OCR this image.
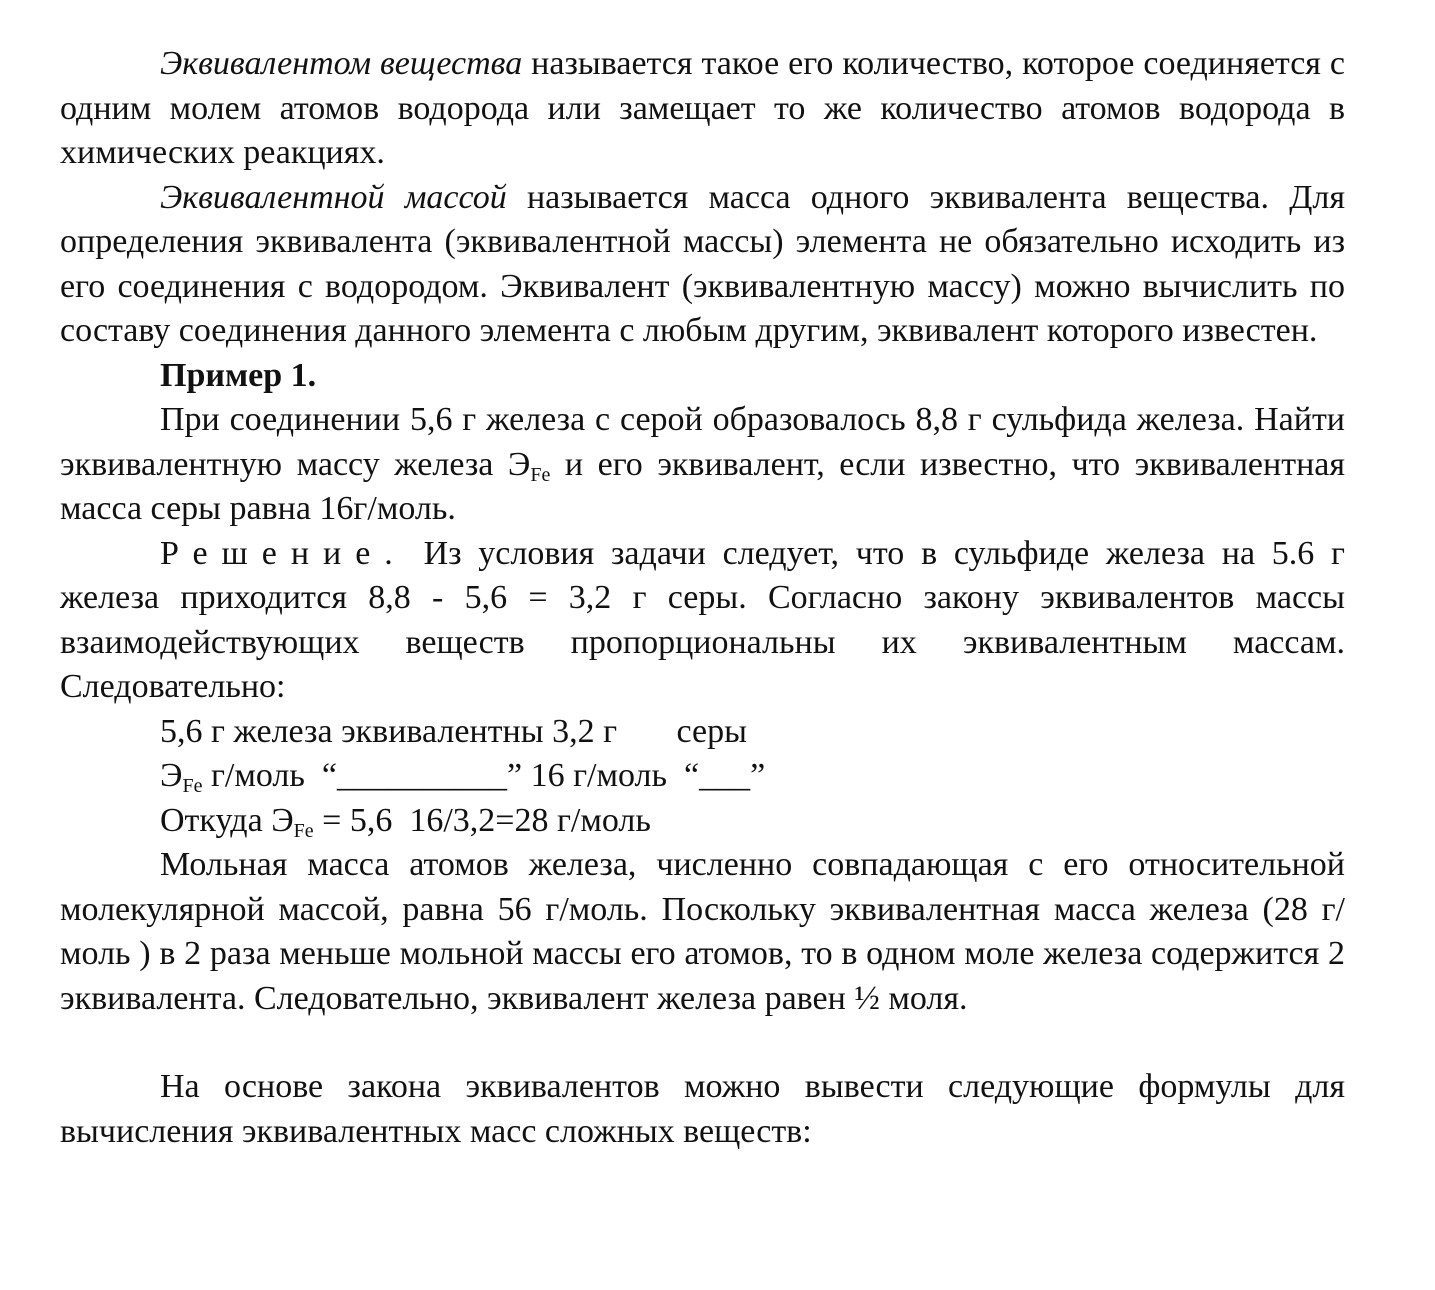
Эквивалентом вещества называется такое его количество, которое соединяется с одним молем атомов водорода или замещает то же количество атомов водорода в химических реакциях.

Эквивалентной массой называется масса одного эквивалента вещества. Для определения эквивалента (эквивалентной массы) элемента не обязательно исходить из его соединения с водородом. Эквивалент (эквивалентную массу) можно вычислить по составу соединения данного элемента с любым другим, эквивалент которого известен.

Пример 1.

При соединении 5,6 г железа с серой образовалось 8,8 г сульфида железа. Найти эквивалентную массу железа $Э_{Fe}$ и его эквивалент, если известно, что эквивалентная масса серы равна 16г/моль.

Решение. Из условия задачи следует, что в сульфиде железа на 5.6 г железа приходится 8,8 - 5,6 = 3,2 г серы. Согласно закону эквивалентов массы взаимодействующих веществ пропорциональны их эквивалентным массам. Следовательно:

5,6 г железа эквивалентны 3,2 г       серы

$Э_{Fe}$ г/моль  “__________” 16 г/моль  “___”

Откуда $Э_{Fe} = 5,6$  16/3,2=28 г/моль

Мольная масса атомов железа, численно совпадающая с его относительной молекулярной массой, равна 56 г/моль. Поскольку эквивалентная масса железа (28 г/моль ) в 2 раза меньше мольной массы его атомов, то в одном моле железа содержится 2 эквивалента. Следовательно, эквивалент железа равен ½ моля.

На основе закона эквивалентов можно вывести следующие формулы для вычисления эквивалентных масс сложных веществ:
